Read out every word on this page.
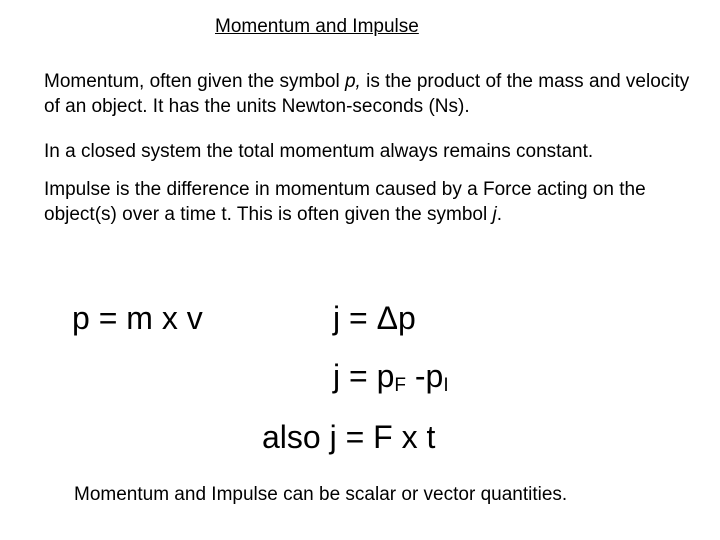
Momentum and Impulse
Momentum, often given the symbol p, is the product of the mass and velocity of an object. It has the units Newton-seconds (Ns).
In a closed system the total momentum always remains constant.
Impulse is the difference in momentum caused by a Force acting on the object(s) over a time t. This is often given the symbol j.
p = m x v	j = Δp
j = pF -pI
also j = F x t
Momentum and Impulse can be scalar or vector quantities.
